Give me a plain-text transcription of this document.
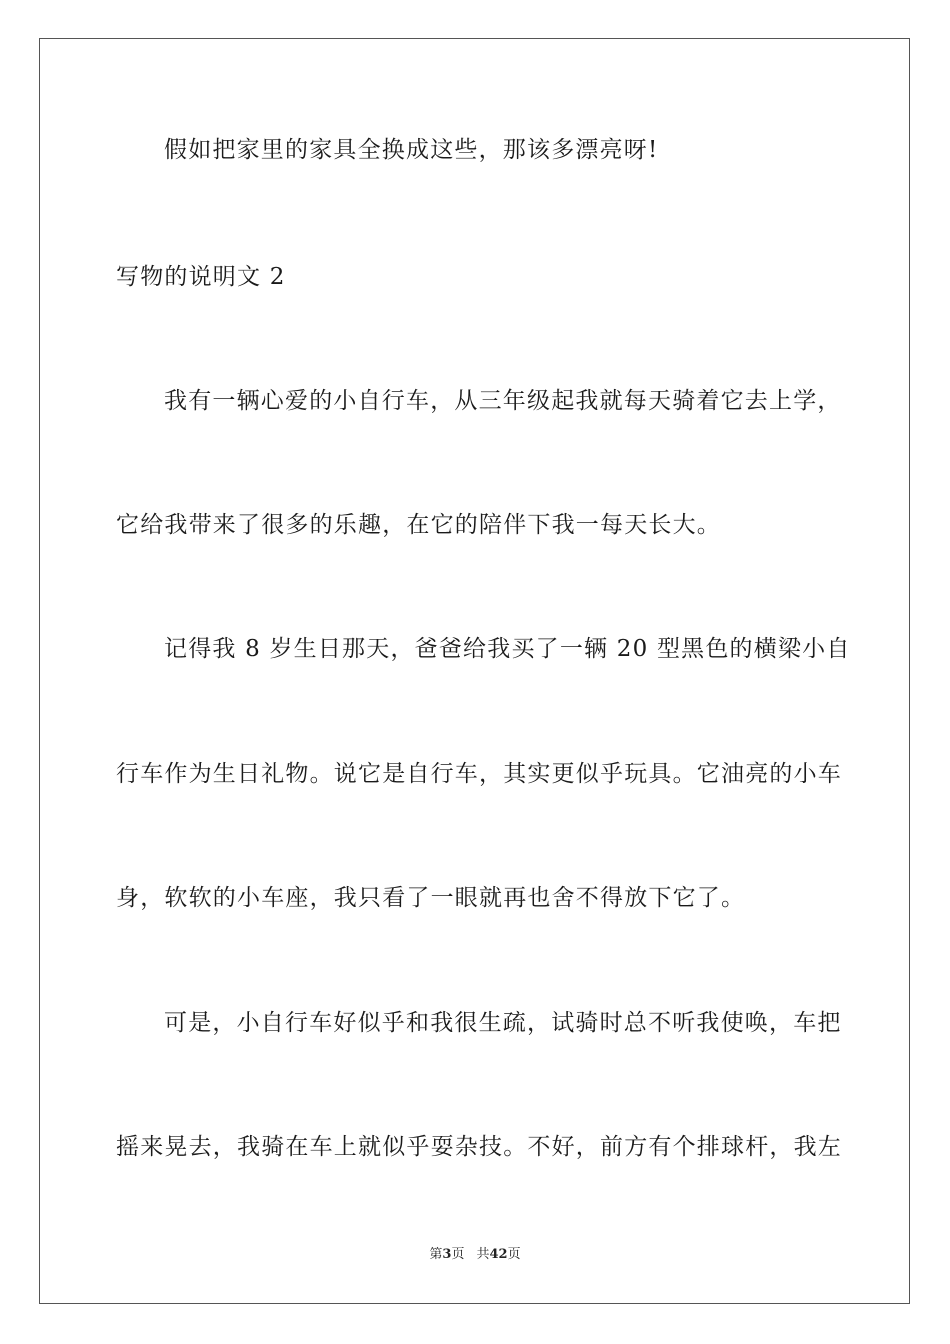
假如把家里的家具全换成这些，那该多漂亮呀!
写物的说明文 2
我有一辆心爱的小自行车，从三年级起我就每天骑着它去上学，
它给我带来了很多的乐趣，在它的陪伴下我一每天长大。
记得我 8 岁生日那天，爸爸给我买了一辆 20 型黑色的横梁小自
行车作为生日礼物。说它是自行车，其实更似乎玩具。它油亮的小车
身，软软的小车座，我只看了一眼就再也舍不得放下它了。
可是，小自行车好似乎和我很生疏，试骑时总不听我使唤，车把
摇来晃去，我骑在车上就似乎耍杂技。不好，前方有个排球杆，我左
第3页 共42页
